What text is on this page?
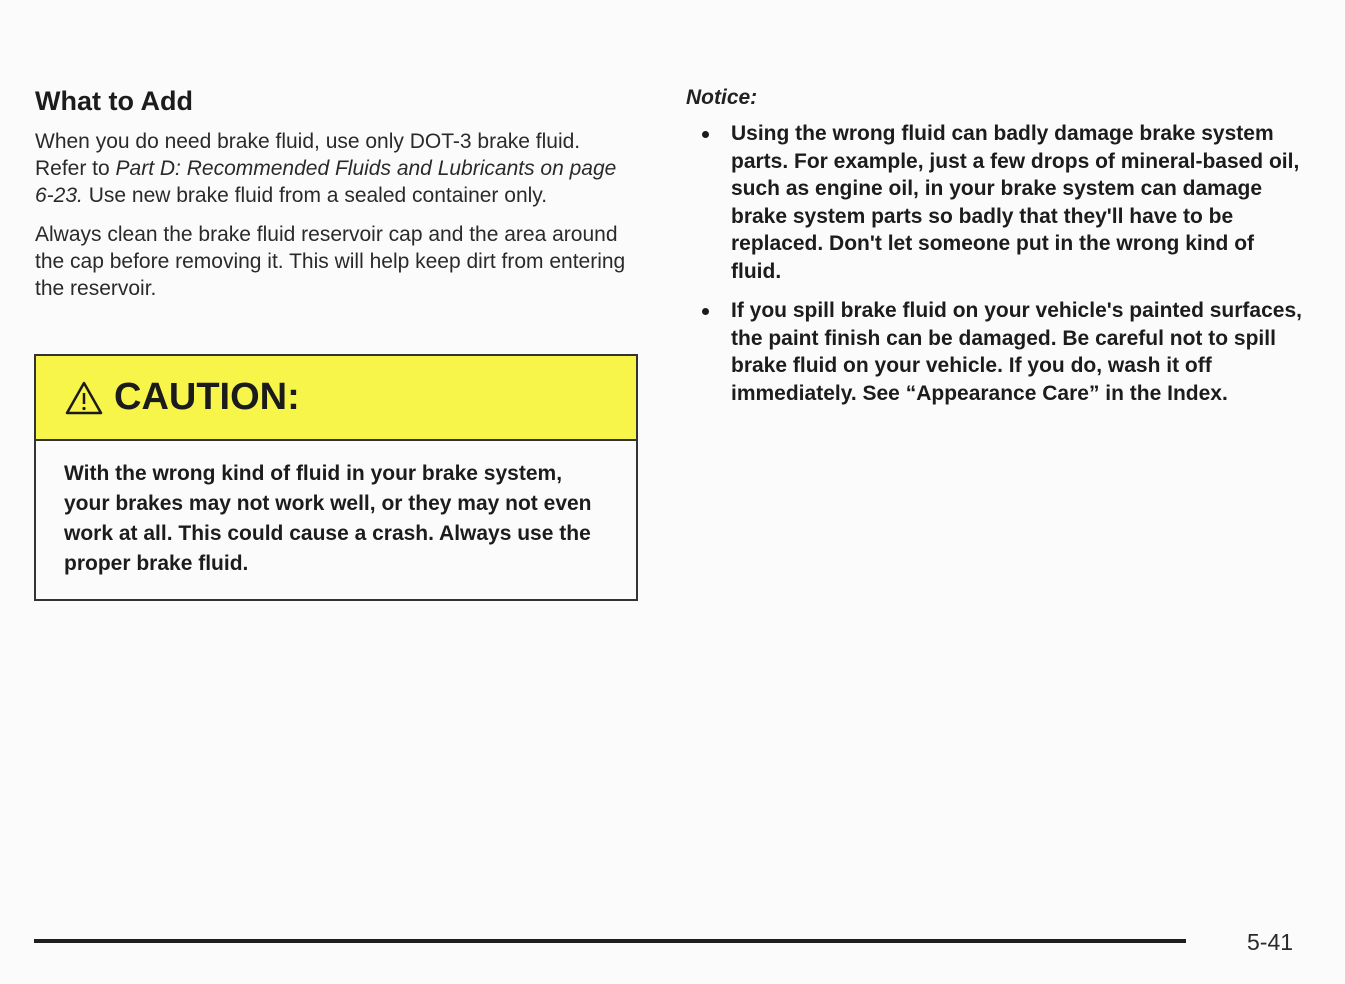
What to Add

When you do need brake fluid, use only DOT-3 brake fluid. Refer to Part D: Recommended Fluids and Lubricants on page 6-23. Use new brake fluid from a sealed container only.

Always clean the brake fluid reservoir cap and the area around the cap before removing it. This will help keep dirt from entering the reservoir.

CAUTION:
With the wrong kind of fluid in your brake system, your brakes may not work well, or they may not even work at all. This could cause a crash. Always use the proper brake fluid.
Notice:
Using the wrong fluid can badly damage brake system parts. For example, just a few drops of mineral-based oil, such as engine oil, in your brake system can damage brake system parts so badly that they'll have to be replaced. Don't let someone put in the wrong kind of fluid.
If you spill brake fluid on your vehicle's painted surfaces, the paint finish can be damaged. Be careful not to spill brake fluid on your vehicle. If you do, wash it off immediately. See “Appearance Care” in the Index.
5-41
